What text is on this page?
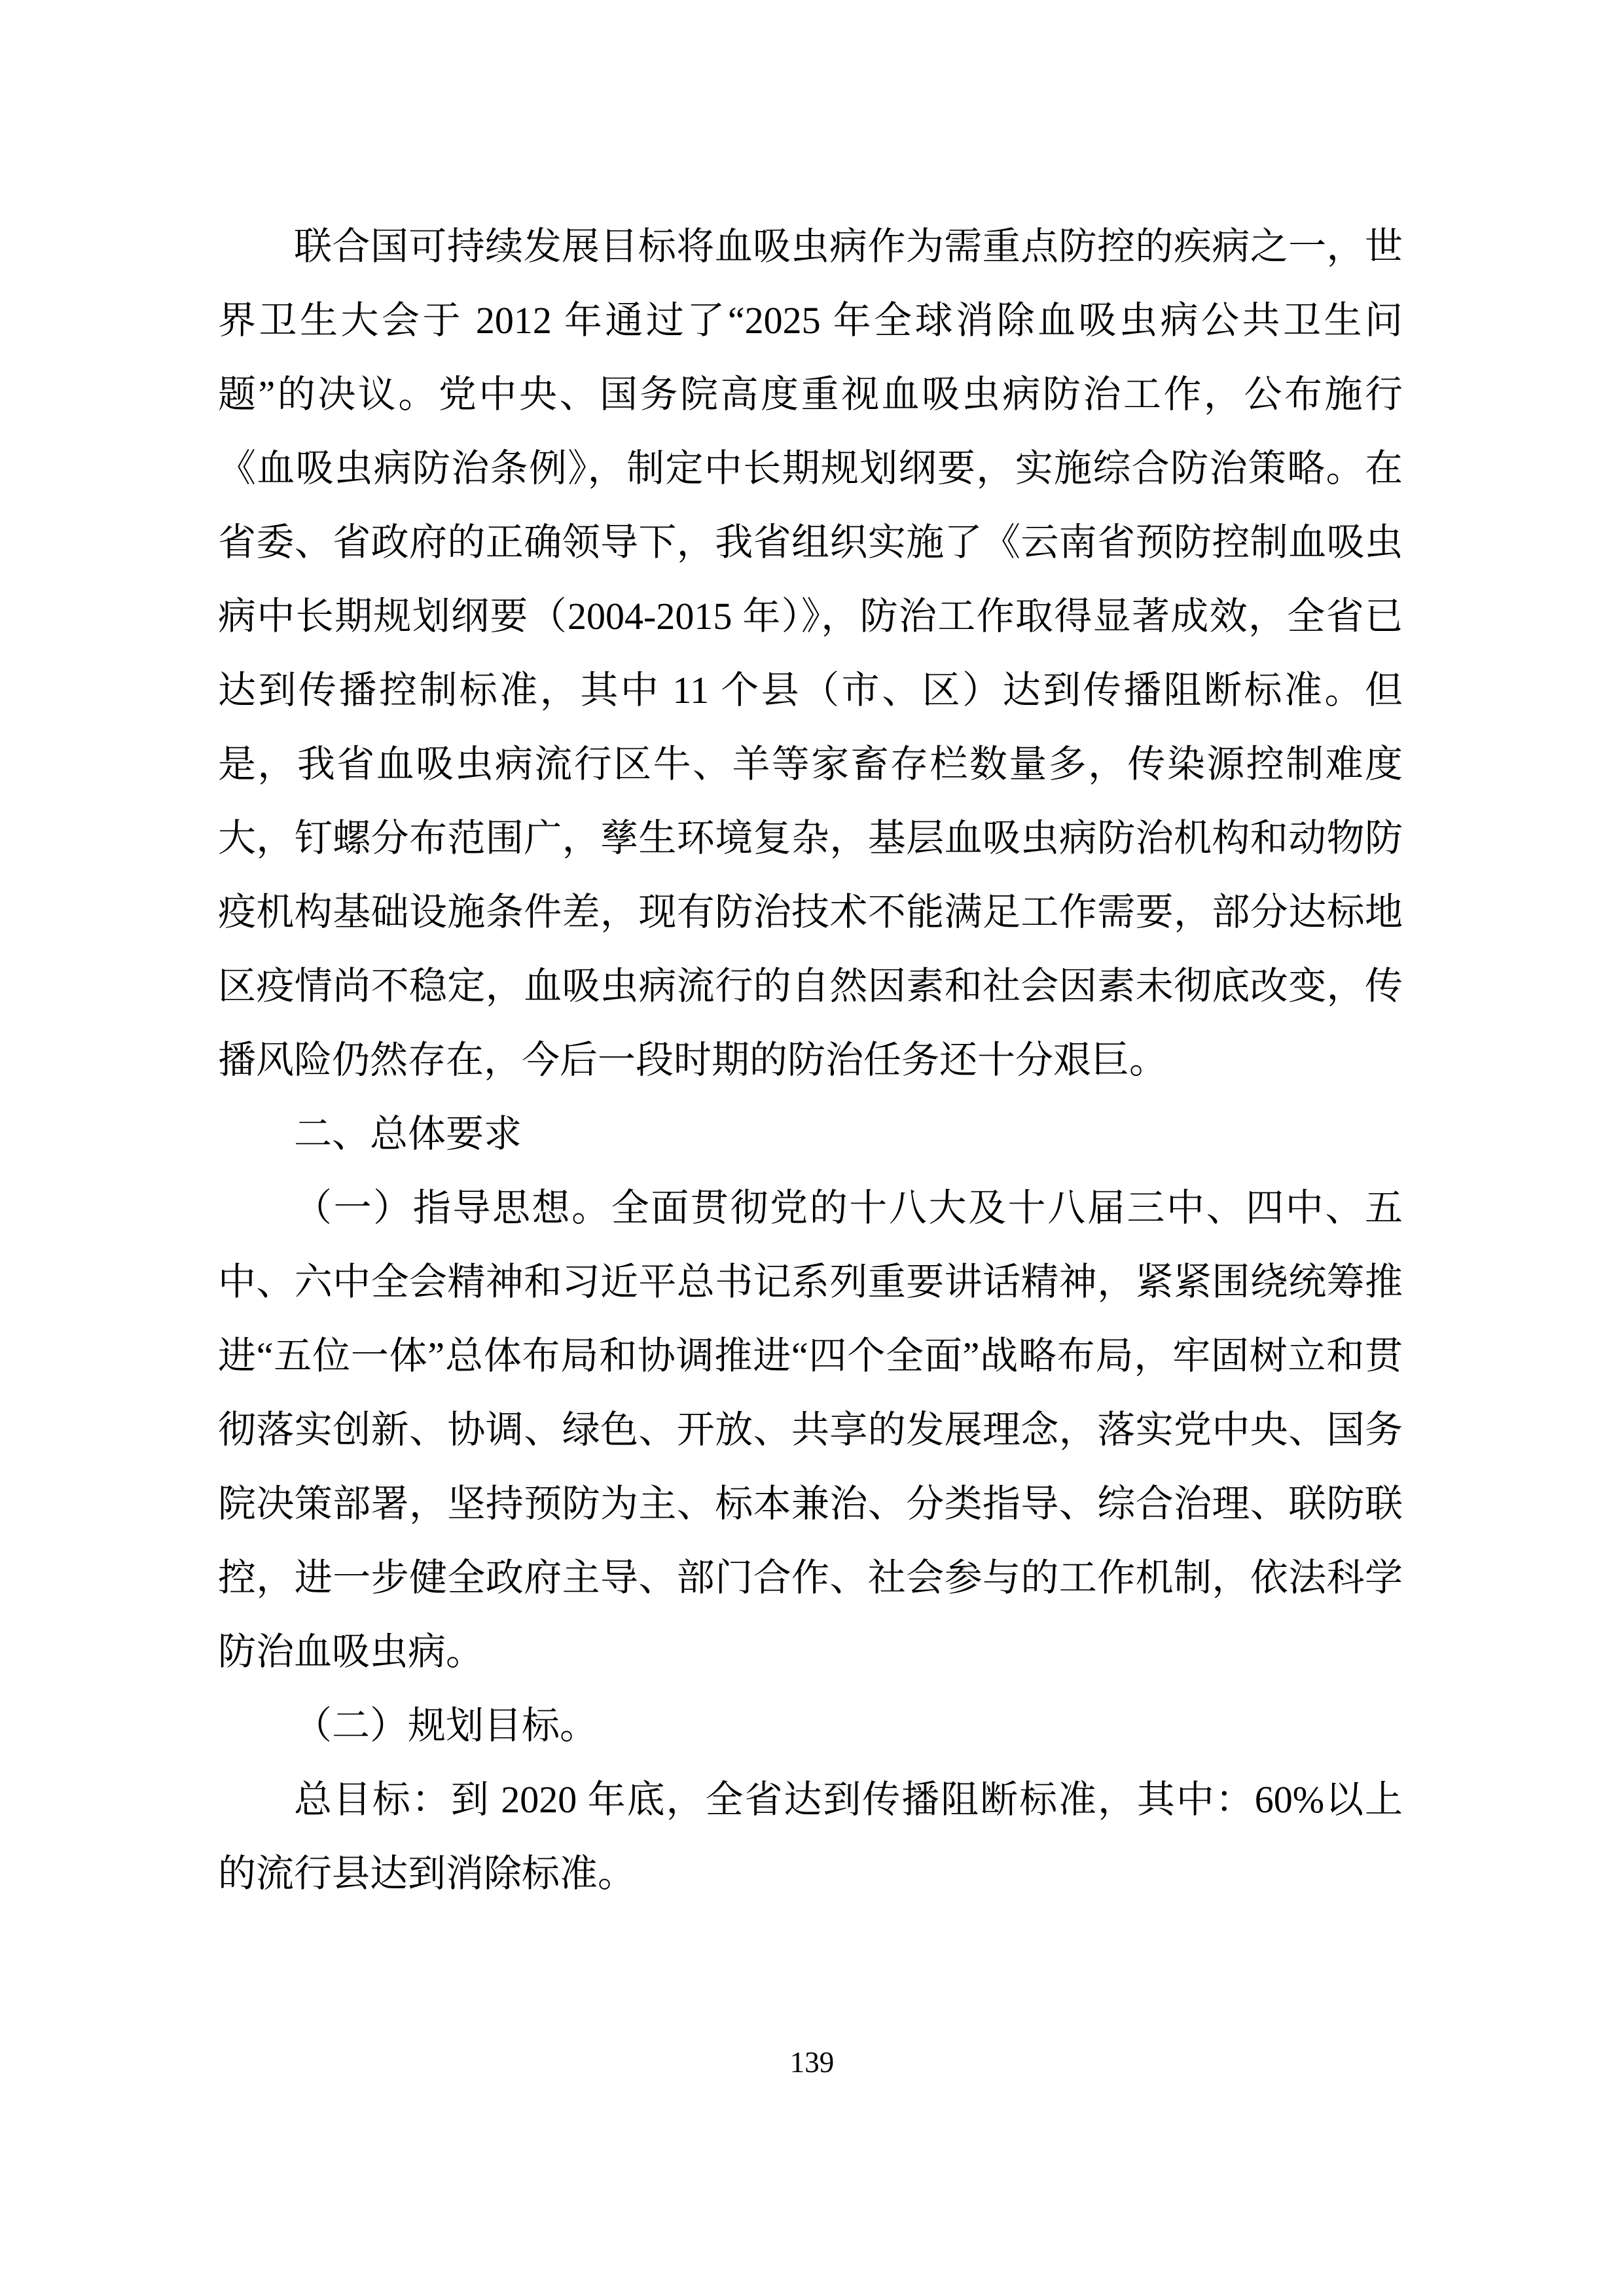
联合国可持续发展目标将血吸虫病作为需重点防控的疾病之一，世界卫生大会于 2012 年通过了“2025 年全球消除血吸虫病公共卫生问题”的决议。党中央、国务院高度重视血吸虫病防治工作，公布施行《血吸虫病防治条例》，制定中长期规划纲要，实施综合防治策略。在省委、省政府的正确领导下，我省组织实施了《云南省预防控制血吸虫病中长期规划纲要（2004-2015 年）》，防治工作取得显著成效，全省已达到传播控制标准，其中 11 个县（市、区）达到传播阻断标准。但是，我省血吸虫病流行区牛、羊等家畜存栏数量多，传染源控制难度大，钉螺分布范围广，孳生环境复杂，基层血吸虫病防治机构和动物防疫机构基础设施条件差，现有防治技术不能满足工作需要，部分达标地区疫情尚不稳定，血吸虫病流行的自然因素和社会因素未彻底改变，传播风险仍然存在，今后一段时期的防治任务还十分艰巨。

二、总体要求

（一）指导思想。全面贯彻党的十八大及十八届三中、四中、五中、六中全会精神和习近平总书记系列重要讲话精神，紧紧围绕统筹推进“五位一体”总体布局和协调推进“四个全面”战略布局，牢固树立和贯彻落实创新、协调、绿色、开放、共享的发展理念，落实党中央、国务院决策部署，坚持预防为主、标本兼治、分类指导、综合治理、联防联控，进一步健全政府主导、部门合作、社会参与的工作机制，依法科学防治血吸虫病。

（二）规划目标。

总目标：到 2020 年底，全省达到传播阻断标准，其中：60%以上的流行县达到消除标准。

139
